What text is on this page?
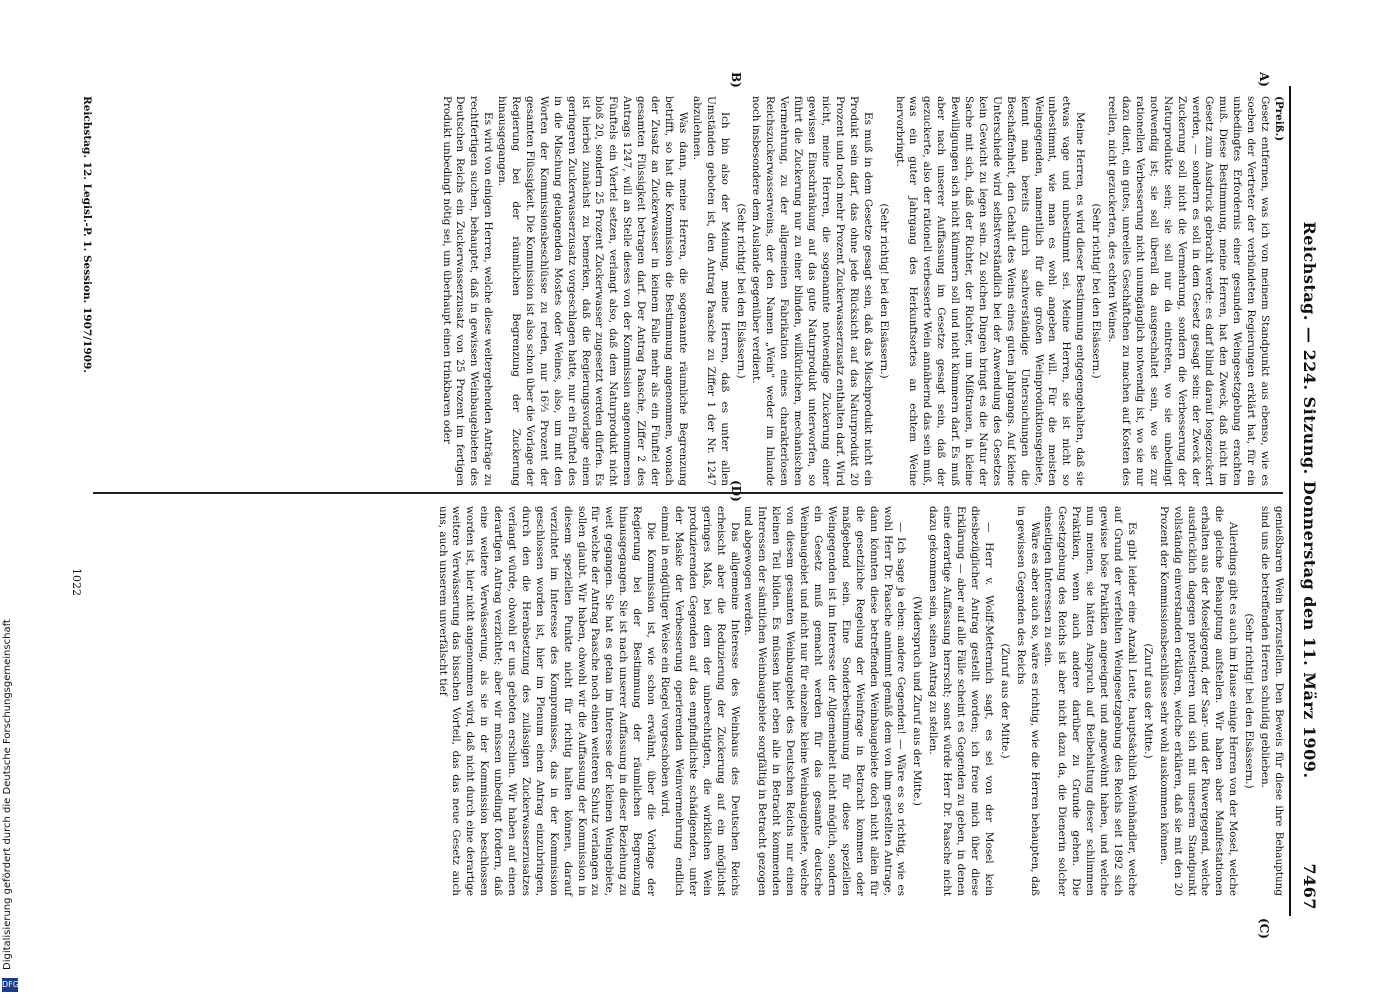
Reichstag. — 224. Sitzung. Donnerstag den 11. März 1909.
7467
A)
B)
(C)
(D)

(Preiß.)

Gesetz entfernen, was ich von meinem Standpunkt aus ebenso, wie es soeben der Vertreter der verbündeten Regierungen erklärt hat, für ein unbedingtes Erfordernis einer gesunden Weingesetzgebung erachten muß. Diese Bestimmung, meine Herren, hat den Zweck, daß nicht im Gesetz zum Ausdruck gebracht werde: es darf blind darauf losgezuckert werden, — sondern es soll in dem Gesetz gesagt sein: der Zweck der Zuckerung soll nicht die Vermehrung, sondern die Verbesserung der Naturprodukte sein; sie soll nur da eintreten, wo sie unbedingt notwendig ist; sie soll überall da ausgeschaltet sein, wo sie zur rationellen Verbesserung nicht unumgänglich notwendig ist, wo sie nur dazu dient, ein gutes, unreelles Geschäftchen zu machen auf Kosten des reellen, nicht gezuckerten, des echten Weines.

(Sehr richtig! bei den Elsässern.)

Meine Herren, es wird dieser Bestimmung entgegengehalten, daß sie etwas vage und unbestimmt sei. Meine Herren, sie ist nicht so unbestimmt, wie man es wohl angeben will. Für die meisten Weingegenden, namentlich für die großen Weinproduktionsgebiete, kennt man bereits durch sachverständige Untersuchungen die Beschaffenheit, den Gehalt des Weins eines guten Jahrgangs. Auf kleine Unterschiede wird selbstverständlich bei der Anwendung des Gesetzes kein Gewicht zu legen sein. Zu solchen Dingen bringt es die Natur der Sache mit sich, daß der Richter, der Richter, um Mißtrauen, in kleine Bewilligungen sich nicht kümmern soll und nicht kümmern darf. Es muß aber nach unserer Auffassung im Gesetze gesagt sein, daß der gezuckerte, also der rationell verbesserte Wein annähernd das sein muß, was ein guter Jahrgang des Herkunftsortes an echtem Weine hervorbringt.

(Sehr richtig! bei den Elsässern.)

Es muß in dem Gesetze gesagt sein, daß das Mischprodukt nicht ein Produkt sein darf, das ohne jede Rücksicht auf das Naturprodukt 20 Prozent und noch mehr Prozent Zuckerwasserzusatz enthalten darf. Wird nicht, meine Herren, die sogenannte notwendige Zuckerung einer gewissen Einschränkung auf das gute Naturprodukt unterworfen, so führt die Zuckerung nur zu einer blinden, willkürlichen, mechanischen Vermehrung, zu der allgemeinen Fabrikation eines charakterlosen Reichszuckerwasserweins, der den Namen „Wein“ weder im Inlande noch insbesondere dem Auslande gegenüber verdient.

(Sehr richtig! bei den Elsässern.)

Ich bin also der Meinung, meine Herren, daß es unter allen Umständen geboten ist, den Antrag Paasche zu Ziffer 1 der Nr. 1247 abzulehnen.

Was dann, meine Herren, die sogenannte räumliche Begrenzung betrifft, so hat die Kommission die Bestimmung angenommen, wonach der Zusatz an Zuckerwasser in keinem Falle mehr als ein Fünftel der gesamten Flüssigkeit betragen darf. Der Antrag Paasche, Ziffer 2 des Antrags 1247, will an Stelle dieses von der Kommission angenommenen Fünftels ein Viertel setzen, verlangt also, daß dem Naturprodukt nicht bloß 20, sondern 25 Prozent Zuckerwasser zugesetzt werden dürfen. Es ist hierbei zunächst zu bemerken, daß die Regierungsvorlage einen geringeren Zuckerwasserzusatz vorgeschlagen hatte, nur ein Fünftel des in die Mischung gelangenden Mostes oder Weines, also, um mit den Worten der Kommissionsbeschlüsse zu reden, nur 16⅔ Prozent der gesamten Flüssigkeit. Die Kommission ist also schon über die Vorlage der Regierung bei der räumlichen Begrenzung der Zuckerung hinausgegangen.

Es wird von einigen Herren, welche diese weitergehenden Anträge zu rechtfertigen suchen, behauptet, daß in gewissen Weinbaugebieten des Deutschen Reichs ein Zuckerwasserzusatz von 25 Prozent im fertigen Produkt unbedingt nötig sei, um überhaupt einen trinkbaren oder

genießbaren Wein herzustellen. Den Beweis für diese ihre Behauptung sind uns die betreffenden Herren schuldig geblieben.

(Sehr richtig! bei den Elsässern.)

Allerdings gibt es auch im Hause einige Herren von der Mosel, welche die gleiche Behauptung aufstellen. Wir haben aber Manifestationen erhalten aus der Moselgegend, der Saar- und der Ruwergegend, welche ausdrücklich dagegen protestieren und sich mit unserem Standpunkt vollständig einverstanden erklären, welche erklären, daß sie mit den 20 Prozent der Kommissionsbeschlüsse sehr wohl auskommen können.

(Zuruf aus der Mitte.)

Es gibt leider eine Anzahl Leute, hauptsächlich Weinhändler, welche auf Grund der verfehlten Weingesetzgebung des Reichs seit 1892 sich gewisse böse Praktiken angeeignet und angewöhnt haben, und welche nun meinen, sie hätten Anspruch auf Beibehaltung dieser schlimmen Praktiken, wenn auch andere darüber zu Grunde gehen. Die Gesetzgebung des Reichs ist aber nicht dazu da, die Dienerin solcher einseitigen Interessen zu sein.

Wäre es aber auch so, wäre es richtig, wie die Herren behaupten, daß in gewissen Gegenden des Reichs

(Zuruf aus der Mitte.)

— Herr v. Wolff-Metternich sagt, es sei von der Mosel kein diesbezüglicher Antrag gestellt worden; ich freue mich über diese Erklärung — aber auf alle Fälle scheint es Gegenden zu geben, in denen eine derartige Auffassung herrscht; sonst würde Herr Dr. Paasche nicht dazu gekommen sein, seinen Antrag zu stellen.

(Widerspruch und Zuruf aus der Mitte.)

— Ich sage ja eben: andere Gegenden! — Wäre es so richtig, wie es wohl Herr Dr. Paasche annimmt gemäß dem von ihm gestellten Antrage, dann könnten diese betreffenden Weinbaugebiete doch nicht allein für die gesetzliche Regelung der Weinfrage in Betracht kommen oder maßgebend sein. Eine Sonderbestimmung für diese speziellen Weingegenden ist im Interesse der Allgemeinheit nicht möglich, sondern ein Gesetz muß gemacht werden für das gesamte deutsche Weinbaugebiet und nicht nur für einzelne kleine Weinbaugebiete, welche von diesem gesamten Weinbaugebiet des Deutschen Reichs nur einen kleinen Teil bilden. Es müssen hier eben alle in Betracht kommenden Interessen der sämtlichen Weinbaugebiete sorgfältig in Betracht gezogen und abgewogen werden.

Das allgemeine Interesse des Weinbaus des Deutschen Reichs erheischt aber die Reduzierung der Zuckerung auf ein möglichst geringes Maß, bei dem der unberechtigten, die wirklichen Wein produzierenden Gegenden auf das empfindlichste schädigenden, unter der Maske der Verbesserung operierenden Weinvermehrung endlich einmal in endgültiger Weise ein Riegel vorgeschoben wird.

Die Kommission ist, wie schon erwähnt, über die Vorlage der Regierung bei der Bestimmung der räumlichen Begrenzung hinausgegangen. Sie ist nach unserer Auffassung in dieser Beziehung zu weit gegangen. Sie hat es getan im Interesse der kleinen Weingebiete, für welche der Antrag Paasche noch einen weiteren Schutz verlangen zu sollen glaubt. Wir haben, obwohl wir die Auffassung der Kommission in diesem speziellen Punkte nicht für richtig halten können, darauf verzichtet im Interesse des Kompromisses, das in der Kommission geschlossen worden ist, hier im Plenum einen Antrag einzubringen, durch den die Herabsetzung des zulässigen Zuckerwasserzusatzes verlangt würde, obwohl er uns geboten erschien. Wir haben auf einen derartigen Antrag verzichtet; aber wir müssen unbedingt fordern, daß eine weitere Verwässerung, als sie in der Kommission beschlossen worden ist, hier nicht angenommen wird, daß nicht durch eine derartige weitere Verwässerung das bisschen Vorteil, das das neue Gesetz auch uns, auch unserem unverfälscht tief

Reichstag. 12. Legisl.-P. 1. Session. 1907/1909.
1022
Digitalisierung gefördert durch die Deutsche Forschungsgemeinschaft
DFG
